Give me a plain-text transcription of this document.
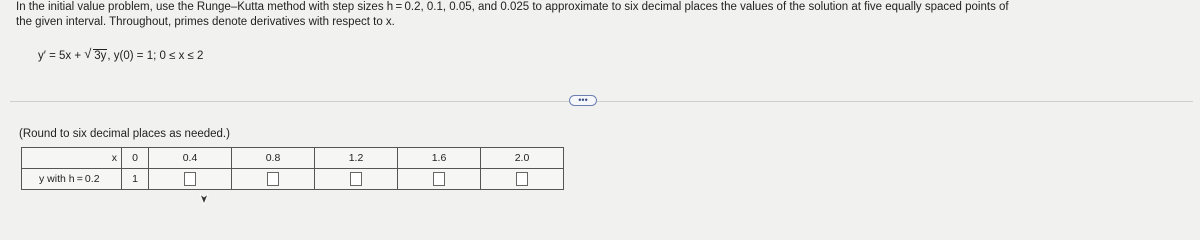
In the initial value problem, use the Runge–Kutta method with step sizes h = 0.2, 0.1, 0.05, and 0.025 to approximate to six decimal places the values of the solution at five equally spaced points of
the given interval. Throughout, primes denote derivatives with respect to x.
y′ = 5x + √ 3y, y(0) = 1; 0 ≤ x ≤ 2
•••
(Round to six decimal places as needed.)
x	0	0.4	0.8	1.2	1.6	2.0
y with h = 0.2	1					
